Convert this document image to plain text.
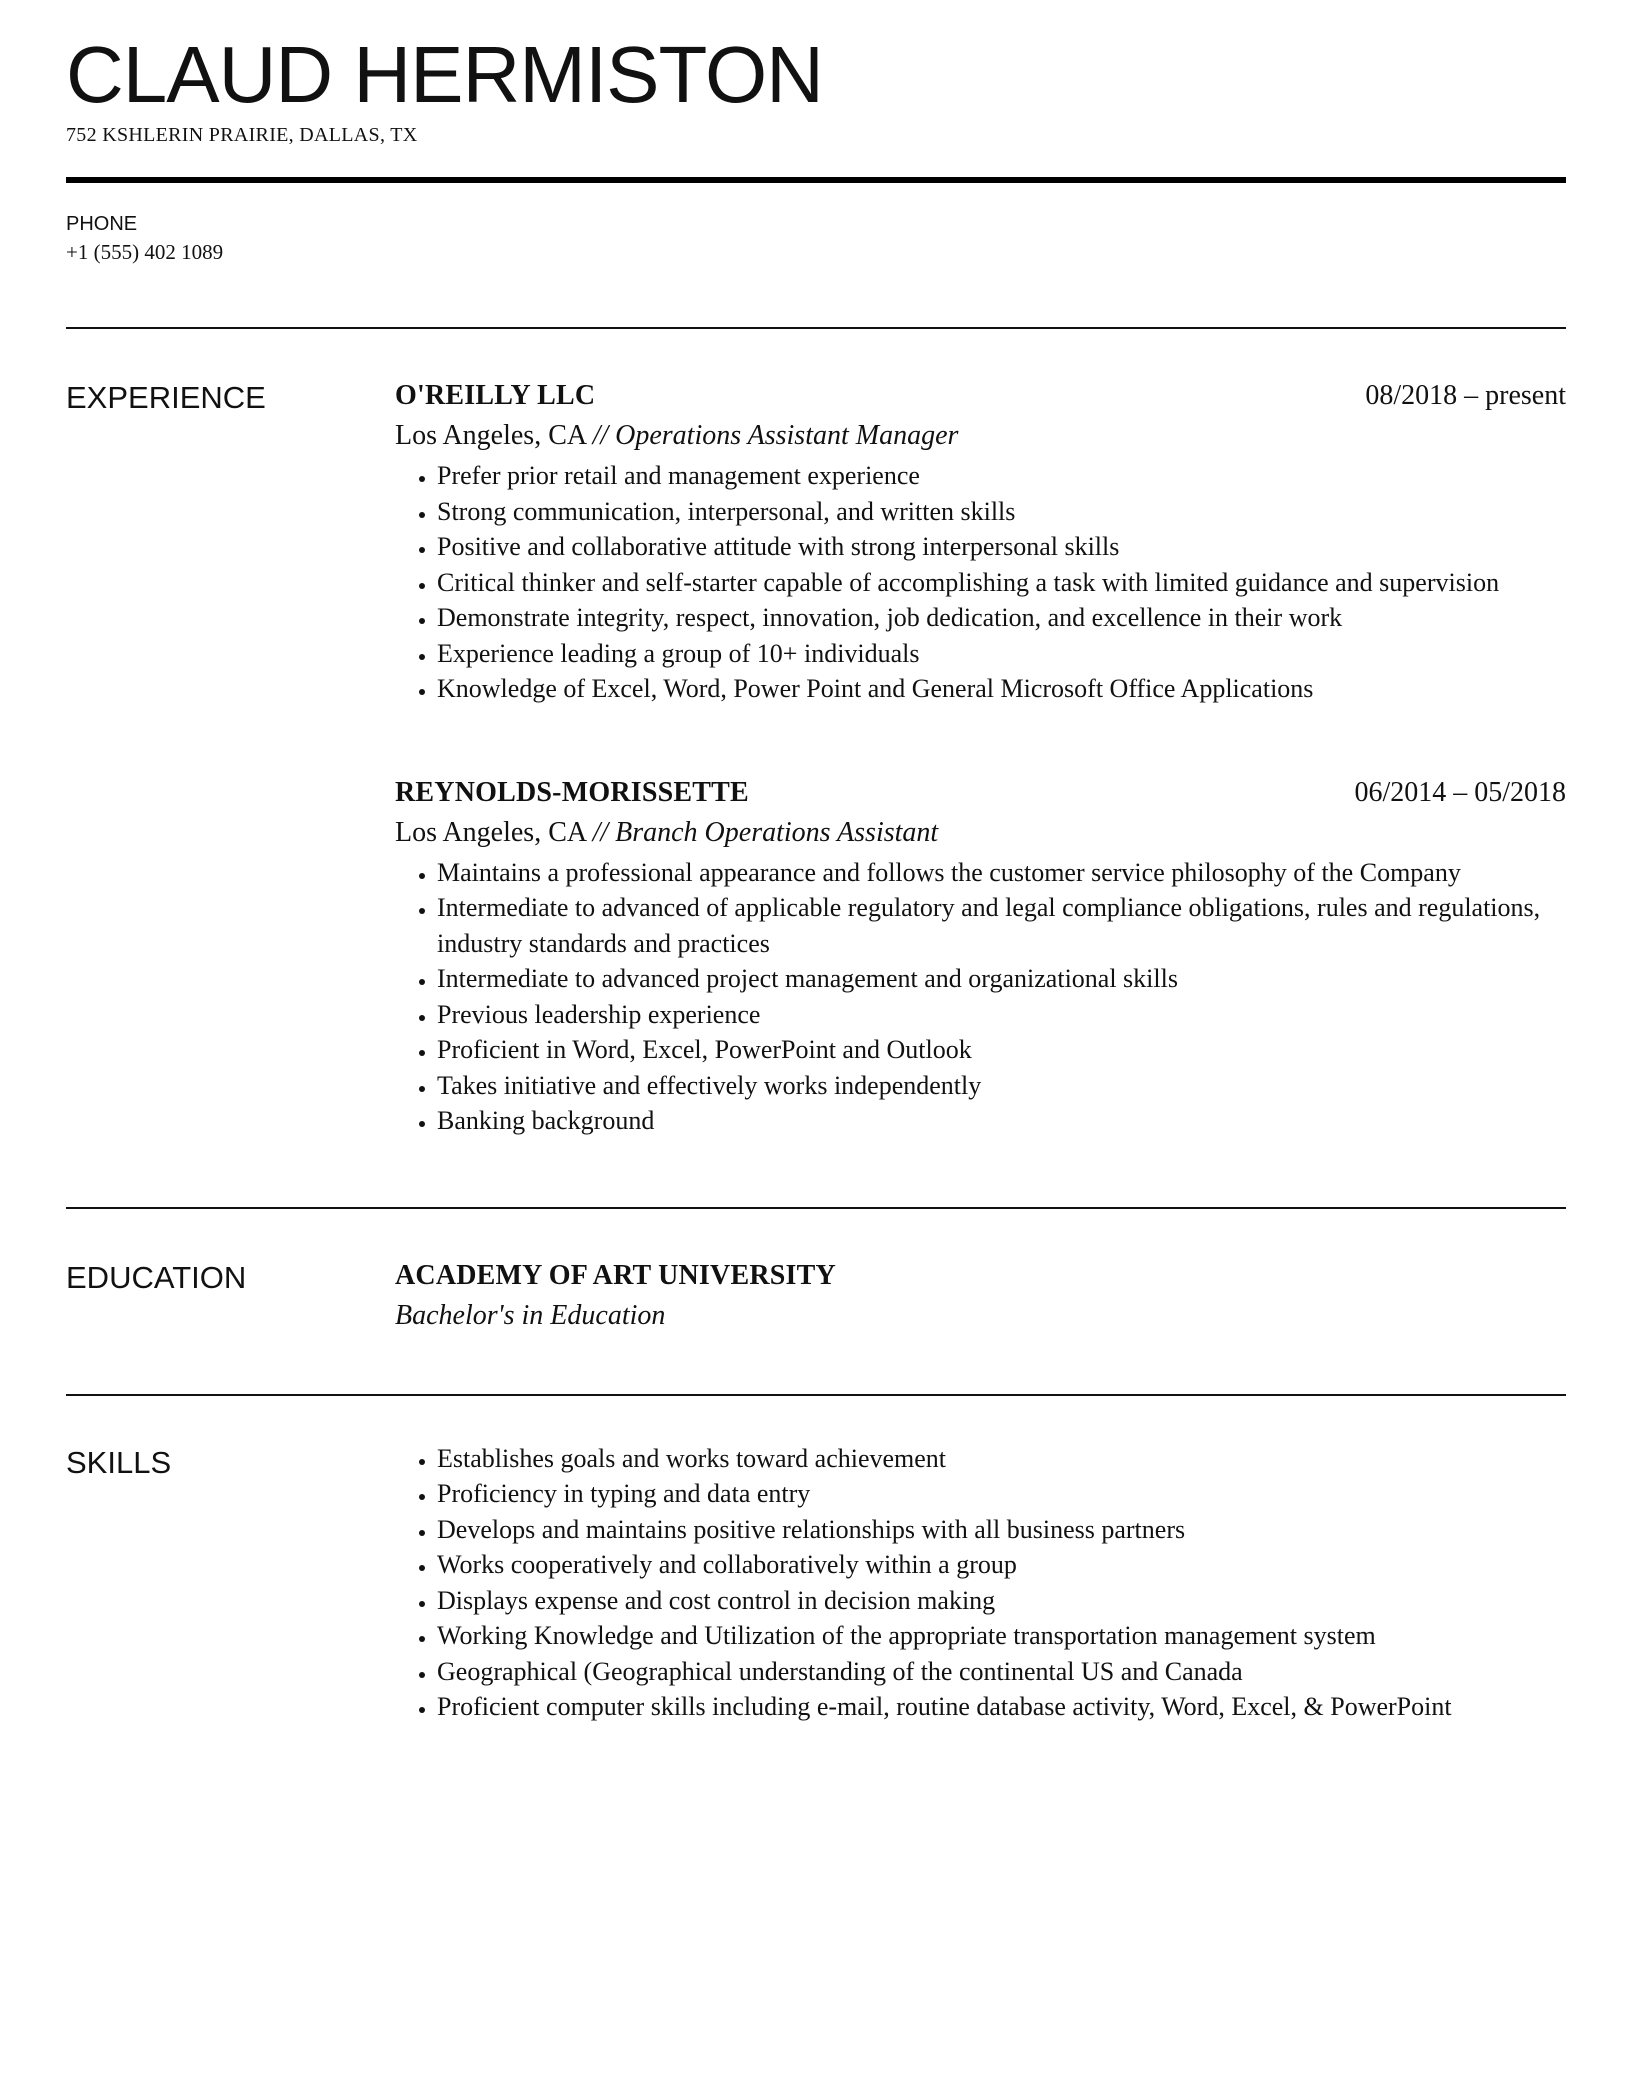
CLAUD HERMISTON
752 KSHLERIN PRAIRIE, DALLAS, TX
PHONE
+1 (555) 402 1089
EXPERIENCE	O'REILLY LLC	08/2018 – present
Los Angeles, CA // Operations Assistant Manager
• Prefer prior retail and management experience
• Strong communication, interpersonal, and written skills
• Positive and collaborative attitude with strong interpersonal skills
• Critical thinker and self-starter capable of accomplishing a task with limited guidance and supervision
• Demonstrate integrity, respect, innovation, job dedication, and excellence in their work
• Experience leading a group of 10+ individuals
• Knowledge of Excel, Word, Power Point and General Microsoft Office Applications
REYNOLDS-MORISSETTE	06/2014 – 05/2018
Los Angeles, CA // Branch Operations Assistant
• Maintains a professional appearance and follows the customer service philosophy of the Company
• Intermediate to advanced of applicable regulatory and legal compliance obligations, rules and regulations, industry standards and practices
• Intermediate to advanced project management and organizational skills
• Previous leadership experience
• Proficient in Word, Excel, PowerPoint and Outlook
• Takes initiative and effectively works independently
• Banking background
EDUCATION	ACADEMY OF ART UNIVERSITY
Bachelor's in Education
SKILLS
•	Establishes goals and works toward achievement
• Proficiency in typing and data entry
• Develops and maintains positive relationships with all business partners
• Works cooperatively and collaboratively within a group
• Displays expense and cost control in decision making
• Working Knowledge and Utilization of the appropriate transportation management system
• Geographical (Geographical understanding of the continental US and Canada
• Proficient computer skills including e-mail, routine database activity, Word, Excel, & PowerPoint
